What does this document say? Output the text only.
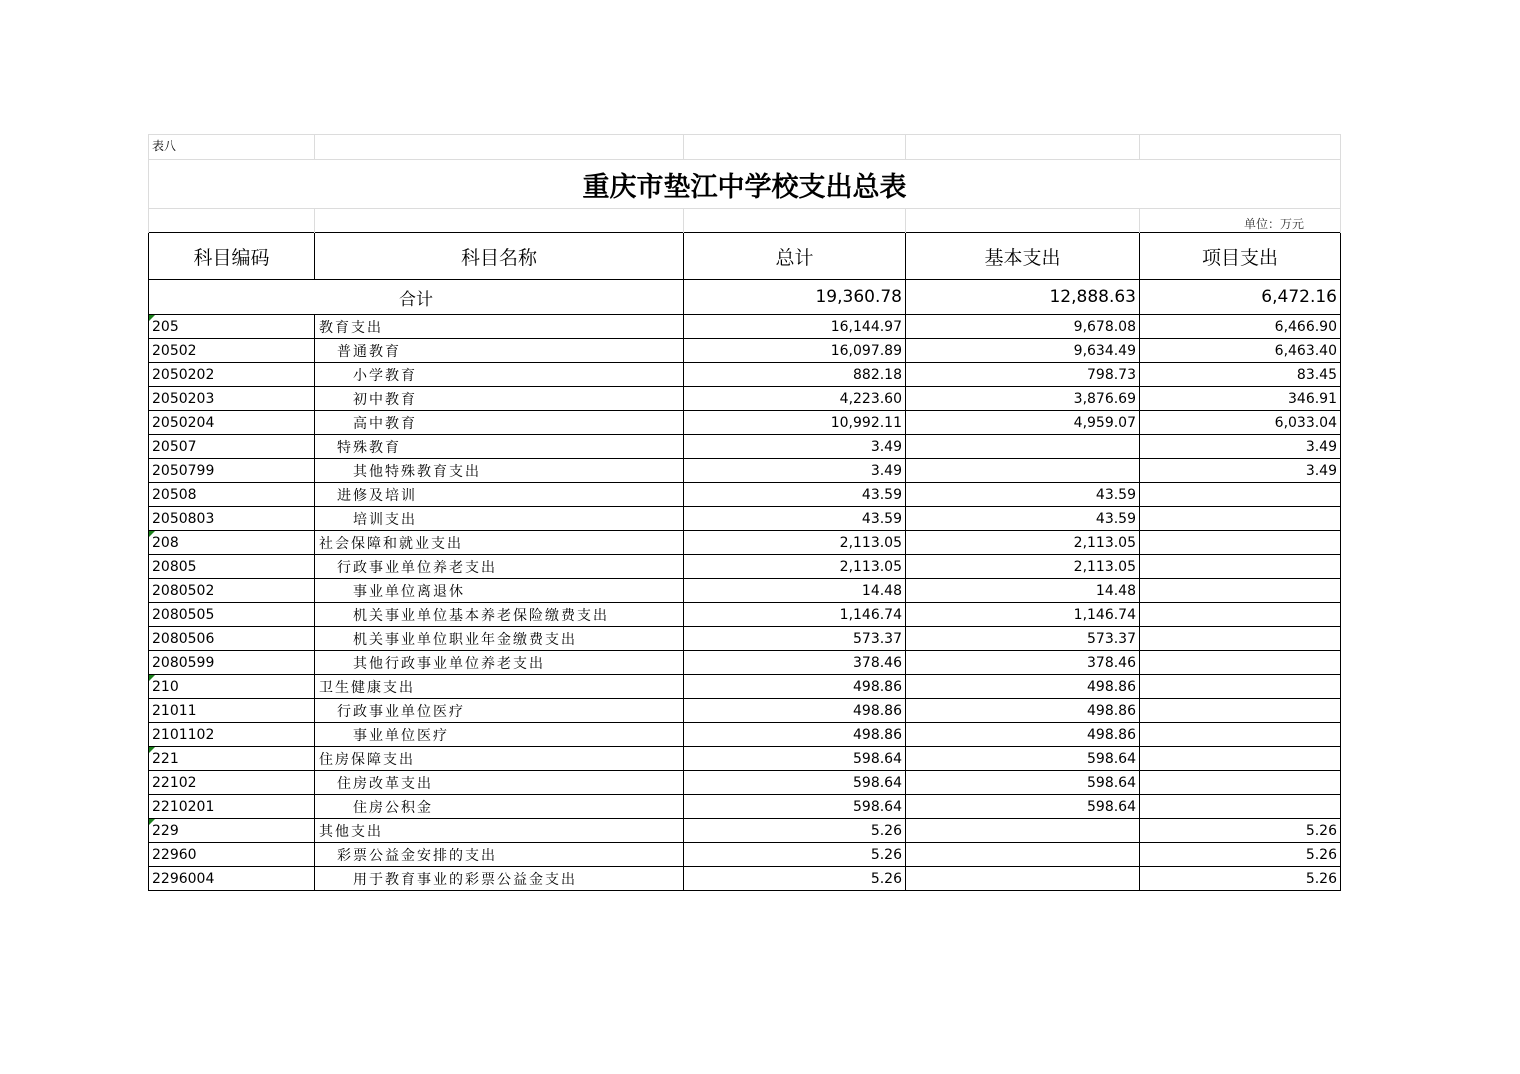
表八				
重庆市垫江中学校支出总表				
				单位：万元
科目编码	科目名称	总计	基本支出	项目支出
合计		19,360.78	12,888.63	6,472.16

205	教育支出	16,144.97	9,678.08	6,466.90
20502	普通教育	16,097.89	9,634.49	6,463.40
2050202	小学教育	882.18	798.73	83.45
2050203	初中教育	4,223.60	3,876.69	346.91
2050204	高中教育	10,992.11	4,959.07	6,033.04
20507	特殊教育	3.49		3.49
2050799	其他特殊教育支出	3.49		3.49
20508	进修及培训	43.59	43.59	
2050803	培训支出	43.59	43.59	

208	社会保障和就业支出	2,113.05	2,113.05	
20805	行政事业单位养老支出	2,113.05	2,113.05	
2080502	事业单位离退休	14.48	14.48	
2080505	机关事业单位基本养老保险缴费支出	1,146.74	1,146.74	
2080506	机关事业单位职业年金缴费支出	573.37	573.37	
2080599	其他行政事业单位养老支出	378.46	378.46	

210	卫生健康支出	498.86	498.86	
21011	行政事业单位医疗	498.86	498.86	
2101102	事业单位医疗	498.86	498.86	

221	住房保障支出	598.64	598.64	
22102	住房改革支出	598.64	598.64	
2210201	住房公积金	598.64	598.64	

229	其他支出	5.26		5.26
22960	彩票公益金安排的支出	5.26		5.26
2296004	用于教育事业的彩票公益金支出	5.26		5.26
